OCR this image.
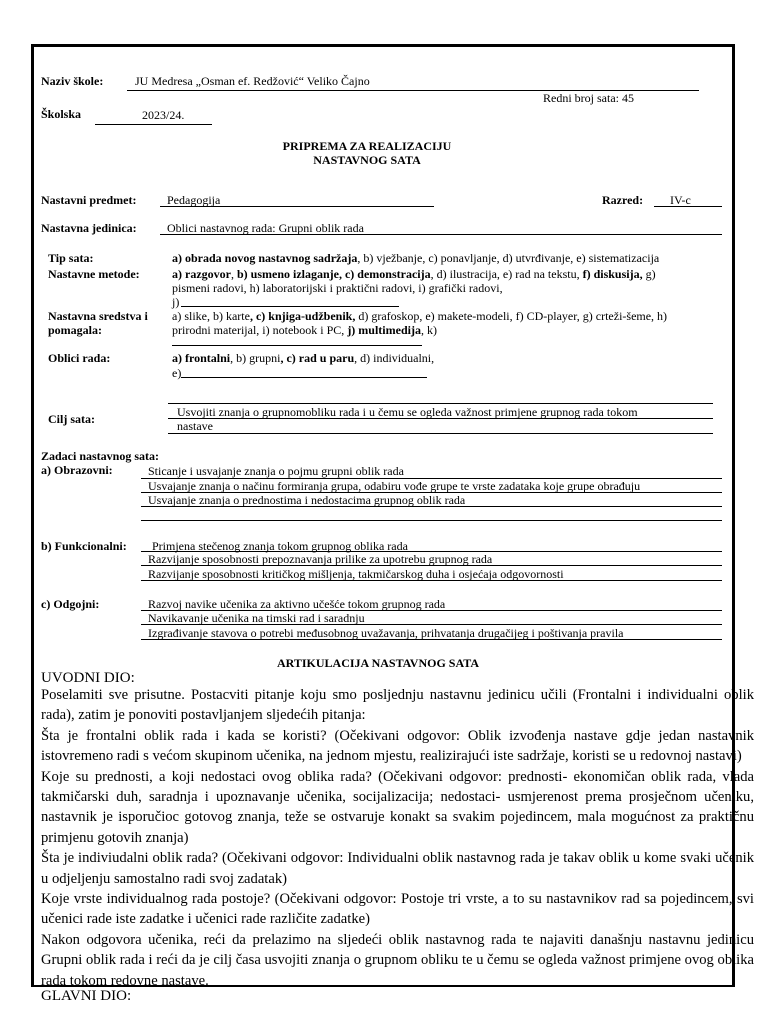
Naziv škole:	JU Medresa „Osman ef. Redžović“ Veliko Čajno
Redni broj sata: 45
Školska	2023/24.
PRIPREMA ZA REALIZACIJU
NASTAVNOG SATA
Nastavni predmet:	Pedagogija	Razred: IV-c
Nastavna jedinica:	Oblici nastavnog rada: Grupni oblik rada
Tip sata:	a) obrada novog nastavnog sadržaja, b) vježbanje, c) ponavljanje, d) utvrđivanje, e) sistematizacija
Nastavne metode:	a) razgovor, b) usmeno izlaganje, c) demonstracija, d) ilustracija, e) rad na tekstu, f) diskusija, g)
pismeni radovi, h) laboratorijski i praktični radovi, i) grafički radovi,
j)
Nastavna sredstva i
pomagala:
a) slike, b) karte, c) knjiga-udžbenik, d) grafoskop, e) makete-modeli, f) CD-player, g) crteži-šeme, h)
prirodni materijal, i) notebook i PC, j) multimedija, k)
Oblici rada:	a) frontalni, b) grupni, c) rad u paru, d) individualni,
e)
Cilj sata:	Usvojiti znanja o grupnomobliku rada i u čemu se ogleda važnost primjene grupnog rada tokom
nastave
Zadaci nastavnog sata:
a) Obrazovni:	Sticanje i usvajanje znanja o pojmu grupni oblik rada
Usvajanje znanja o načinu formiranja grupa, odabiru vođe grupe te vrste zadataka koje grupe obrađuju
Usvajanje znanja o prednostima i nedostacima grupnog oblik rada
b) Funkcionalni: Primjena stečenog znanja tokom grupnog oblika rada
Razvijanje sposobnosti prepoznavanja prilike za upotrebu grupnog rada
Razvijanje sposobnosti kritičkog mišljenja, takmičarskog duha i osjećaja odgovornosti
c) Odgojni:	Razvoj navike učenika za aktivno učešće tokom grupnog rada
Navikavanje učenika na timski rad i saradnju
Izgrađivanje stavova o potrebi međusobnog uvažavanja, prihvatanja drugačijeg i poštivanja pravila
ARTIKULACIJA NASTAVNOG SATA
UVODNI DIO:

Poselamiti sve prisutne. Postacviti pitanje koju smo posljednju nastavnu jedinicu učili (Frontalni i individualni oblik rada), zatim je ponoviti postavljanjem sljedećih pitanja:

Šta je frontalni oblik rada i kada se koristi? (Očekivani odgovor: Oblik izvođenja nastave gdje jedan nastavnik istovremeno radi s većom skupinom učenika, na jednom mjestu, realizirajući iste sadržaje, koristi se u redovnoj nastavi)

Koje su prednosti, a koji nedostaci ovog oblika rada? (Očekivani odgovor: prednosti- ekonomičan oblik rada, vlada takmičarski duh, saradnja i upoznavanje učenika, socijalizacija; nedostaci- usmjerenost prema prosječnom učeniku, nastavnik je isporučioc gotovog znanja, teže se ostvaruje konakt sa svakim pojedincem, mala mogućnost za praktičnu primjenu gotovih znanja)

Šta je indiviudalni oblik rada? (Očekivani odgovor: Individualni oblik nastavnog rada je takav oblik u kome svaki učenik u odjeljenju samostalno radi svoj zadatak)

Koje vrste individualnog rada postoje? (Očekivani odgovor: Postoje tri vrste, a to su nastavnikov rad sa pojedincem, svi učenici rade iste zadatke i učenici rade različite zadatke)

Nakon odgovora učenika, reći da prelazimo na sljedeći oblik nastavnog rada te najaviti današnju nastavnu jedinicu Grupni oblik rada i reći da je cilj časa usvojiti znanja o grupnom obliku te u čemu se ogleda važnost primjene ovog oblika rada tokom redovne nastave.

GLAVNI DIO:
